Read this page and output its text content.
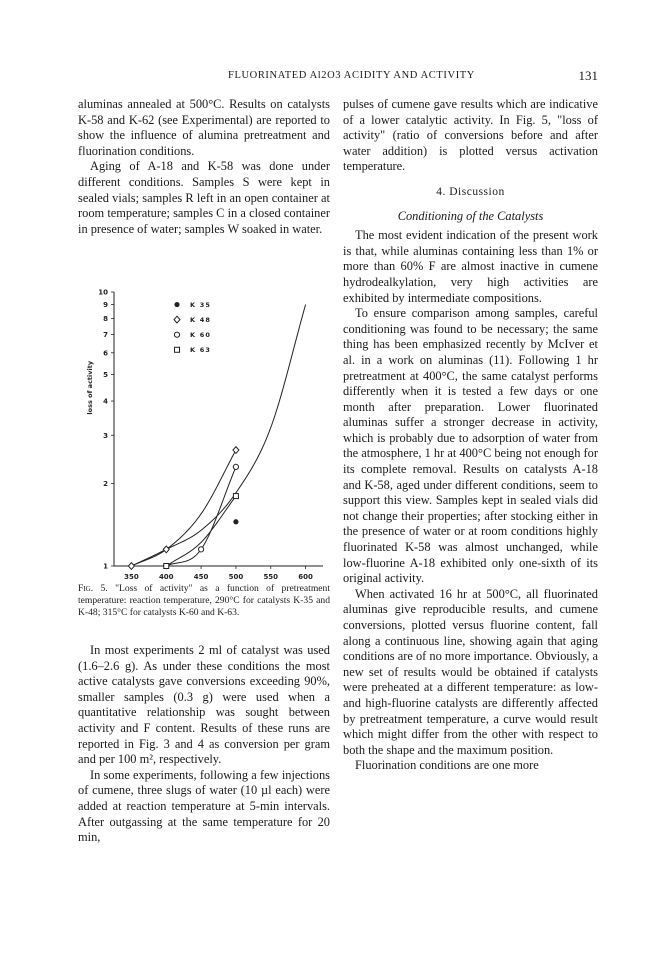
FLUORINATED Al2O3 ACIDITY AND ACTIVITY	131

aluminas annealed at 500°C. Results on catalysts K-58 and K-62 (see Experimental) are reported to show the influence of alumina pretreatment and fluorination conditions.

Aging of A-18 and K-58 was done under different conditions. Samples S were kept in sealed vials; samples R left in an open container at room temperature; samples C in a closed container in presence of water; samples W soaked in water.

350	400	450	500	550	600
1
2
3
4
5
6
7
8
9
10
loss of activity
K 35
K 48
K 60
K 63
Fig. 5. "Loss of activity" as a function of pretreatment temperature: reaction temperature, 290°C for catalysts K-35 and K-48; 315°C for catalysts K-60 and K-63.

In most experiments 2 ml of catalyst was used (1.6–2.6 g). As under these conditions the most active catalysts gave conversions exceeding 90%, smaller samples (0.3 g) were used when a quantitative relationship was sought between activity and F content. Results of these runs are reported in Fig. 3 and 4 as conversion per gram and per 100 m², respectively.

In some experiments, following a few injections of cumene, three slugs of water (10 µl each) were added at reaction temperature at 5-min intervals. After outgassing at the same temperature for 20 min,

pulses of cumene gave results which are indicative of a lower catalytic activity. In Fig. 5, "loss of activity" (ratio of conversions before and after water addition) is plotted versus activation temperature.

4. Discussion

Conditioning of the Catalysts

The most evident indication of the present work is that, while aluminas containing less than 1% or more than 60% F are almost inactive in cumene hydrodealkylation, very high activities are exhibited by intermediate compositions.

To ensure comparison among samples, careful conditioning was found to be necessary; the same thing has been emphasized recently by McIver et al. in a work on aluminas (11). Following 1 hr pretreatment at 400°C, the same catalyst performs differently when it is tested a few days or one month after preparation. Lower fluorinated aluminas suffer a stronger decrease in activity, which is probably due to adsorption of water from the atmosphere, 1 hr at 400°C being not enough for its complete removal. Results on catalysts A-18 and K-58, aged under different conditions, seem to support this view. Samples kept in sealed vials did not change their properties; after stocking either in the presence of water or at room conditions highly fluorinated K-58 was almost unchanged, while low-fluorine A-18 exhibited only one-sixth of its original activity.

When activated 16 hr at 500°C, all fluorinated aluminas give reproducible results, and cumene conversions, plotted versus fluorine content, fall along a continuous line, showing again that aging conditions are of no more importance. Obviously, a new set of results would be obtained if catalysts were preheated at a different temperature: as low- and high-fluorine catalysts are differently affected by pretreatment temperature, a curve would result which might differ from the other with respect to both the shape and the maximum position.

Fluorination conditions are one more
